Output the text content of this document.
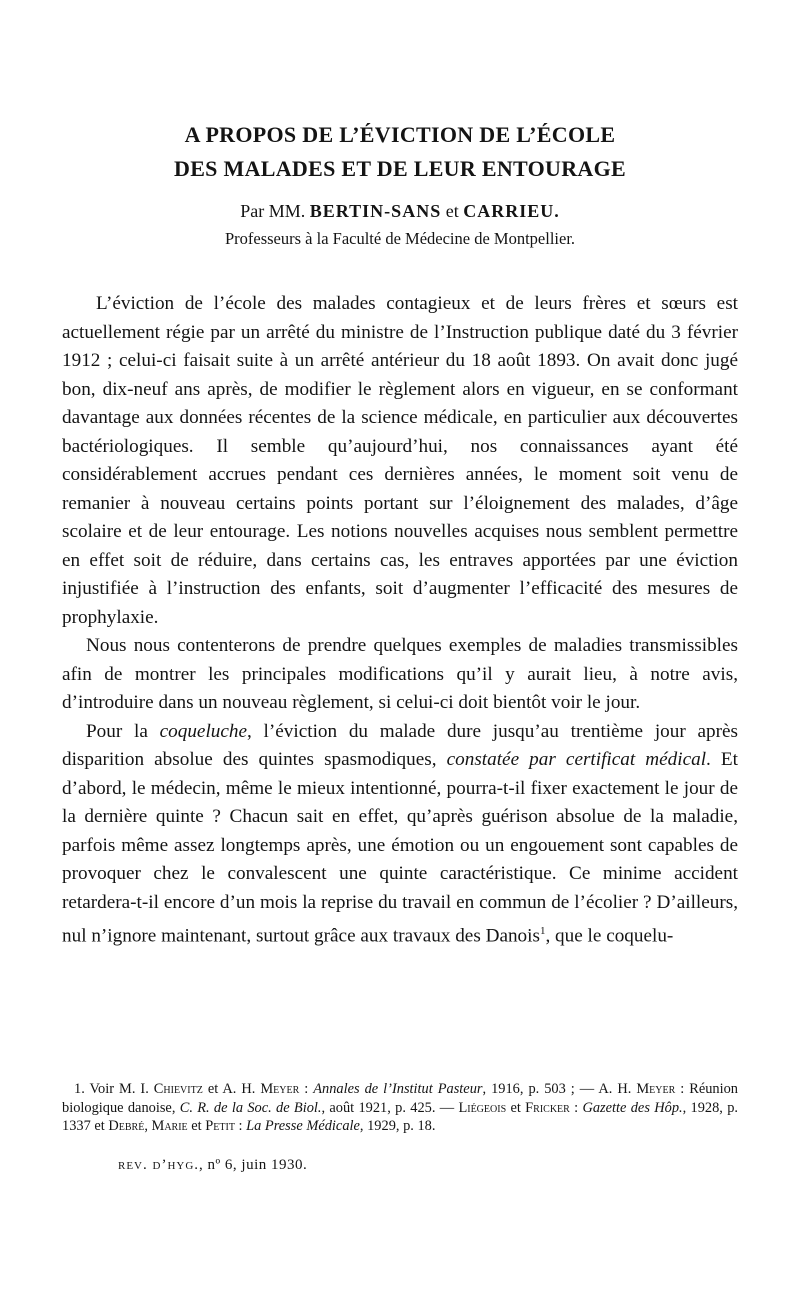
A PROPOS DE L’ÉVICTION DE L’ÉCOLE
DES MALADES ET DE LEUR ENTOURAGE
Par MM. BERTIN-SANS et CARRIEU.
Professeurs à la Faculté de Médecine de Montpellier.

L’éviction de l’école des malades contagieux et de leurs frères et sœurs est actuellement régie par un arrêté du ministre de l’Instruction publique daté du 3 février 1912 ; celui-ci faisait suite à un arrêté antérieur du 18 août 1893. On avait donc jugé bon, dix-neuf ans après, de modifier le règlement alors en vigueur, en se conformant davantage aux données récentes de la science médicale, en particulier aux découvertes bactériologiques. Il semble qu’aujourd’hui, nos connaissances ayant été considérablement accrues pendant ces dernières années, le moment soit venu de remanier à nouveau certains points portant sur l’éloignement des malades, d’âge scolaire et de leur entourage. Les notions nouvelles acquises nous semblent permettre en effet soit de réduire, dans certains cas, les entraves apportées par une éviction injustifiée à l’instruction des enfants, soit d’augmenter l’efficacité des mesures de prophylaxie.

Nous nous contenterons de prendre quelques exemples de maladies transmissibles afin de montrer les principales modifications qu’il y aurait lieu, à notre avis, d’introduire dans un nouveau règlement, si celui-ci doit bientôt voir le jour.

Pour la coqueluche, l’éviction du malade dure jusqu’au trentième jour après disparition absolue des quintes spasmodiques, constatée par certificat médical. Et d’abord, le médecin, même le mieux intentionné, pourra-t-il fixer exactement le jour de la dernière quinte ? Chacun sait en effet, qu’après guérison absolue de la maladie, parfois même assez longtemps après, une émotion ou un engouement sont capables de provoquer chez le convalescent une quinte caractéristique. Ce minime accident retardera-t-il encore d’un mois la reprise du travail en commun de l’écolier ? D’ailleurs, nul n’ignore maintenant, surtout grâce aux travaux des Danois$^1$, que le coquelu-

1. Voir M. I. Chievitz et A. H. Meyer : Annales de l’Institut Pasteur, 1916, p. 503 ; — A. H. Meyer : Réunion biologique danoise, C. R. de la Soc. de Biol., août 1921, p. 425. — Liégeois et Fricker : Gazette des Hôp., 1928, p. 1337 et Debré, Marie et Petit : La Presse Médicale, 1929, p. 18.

rev. d’hyg., nº 6, juin 1930.
